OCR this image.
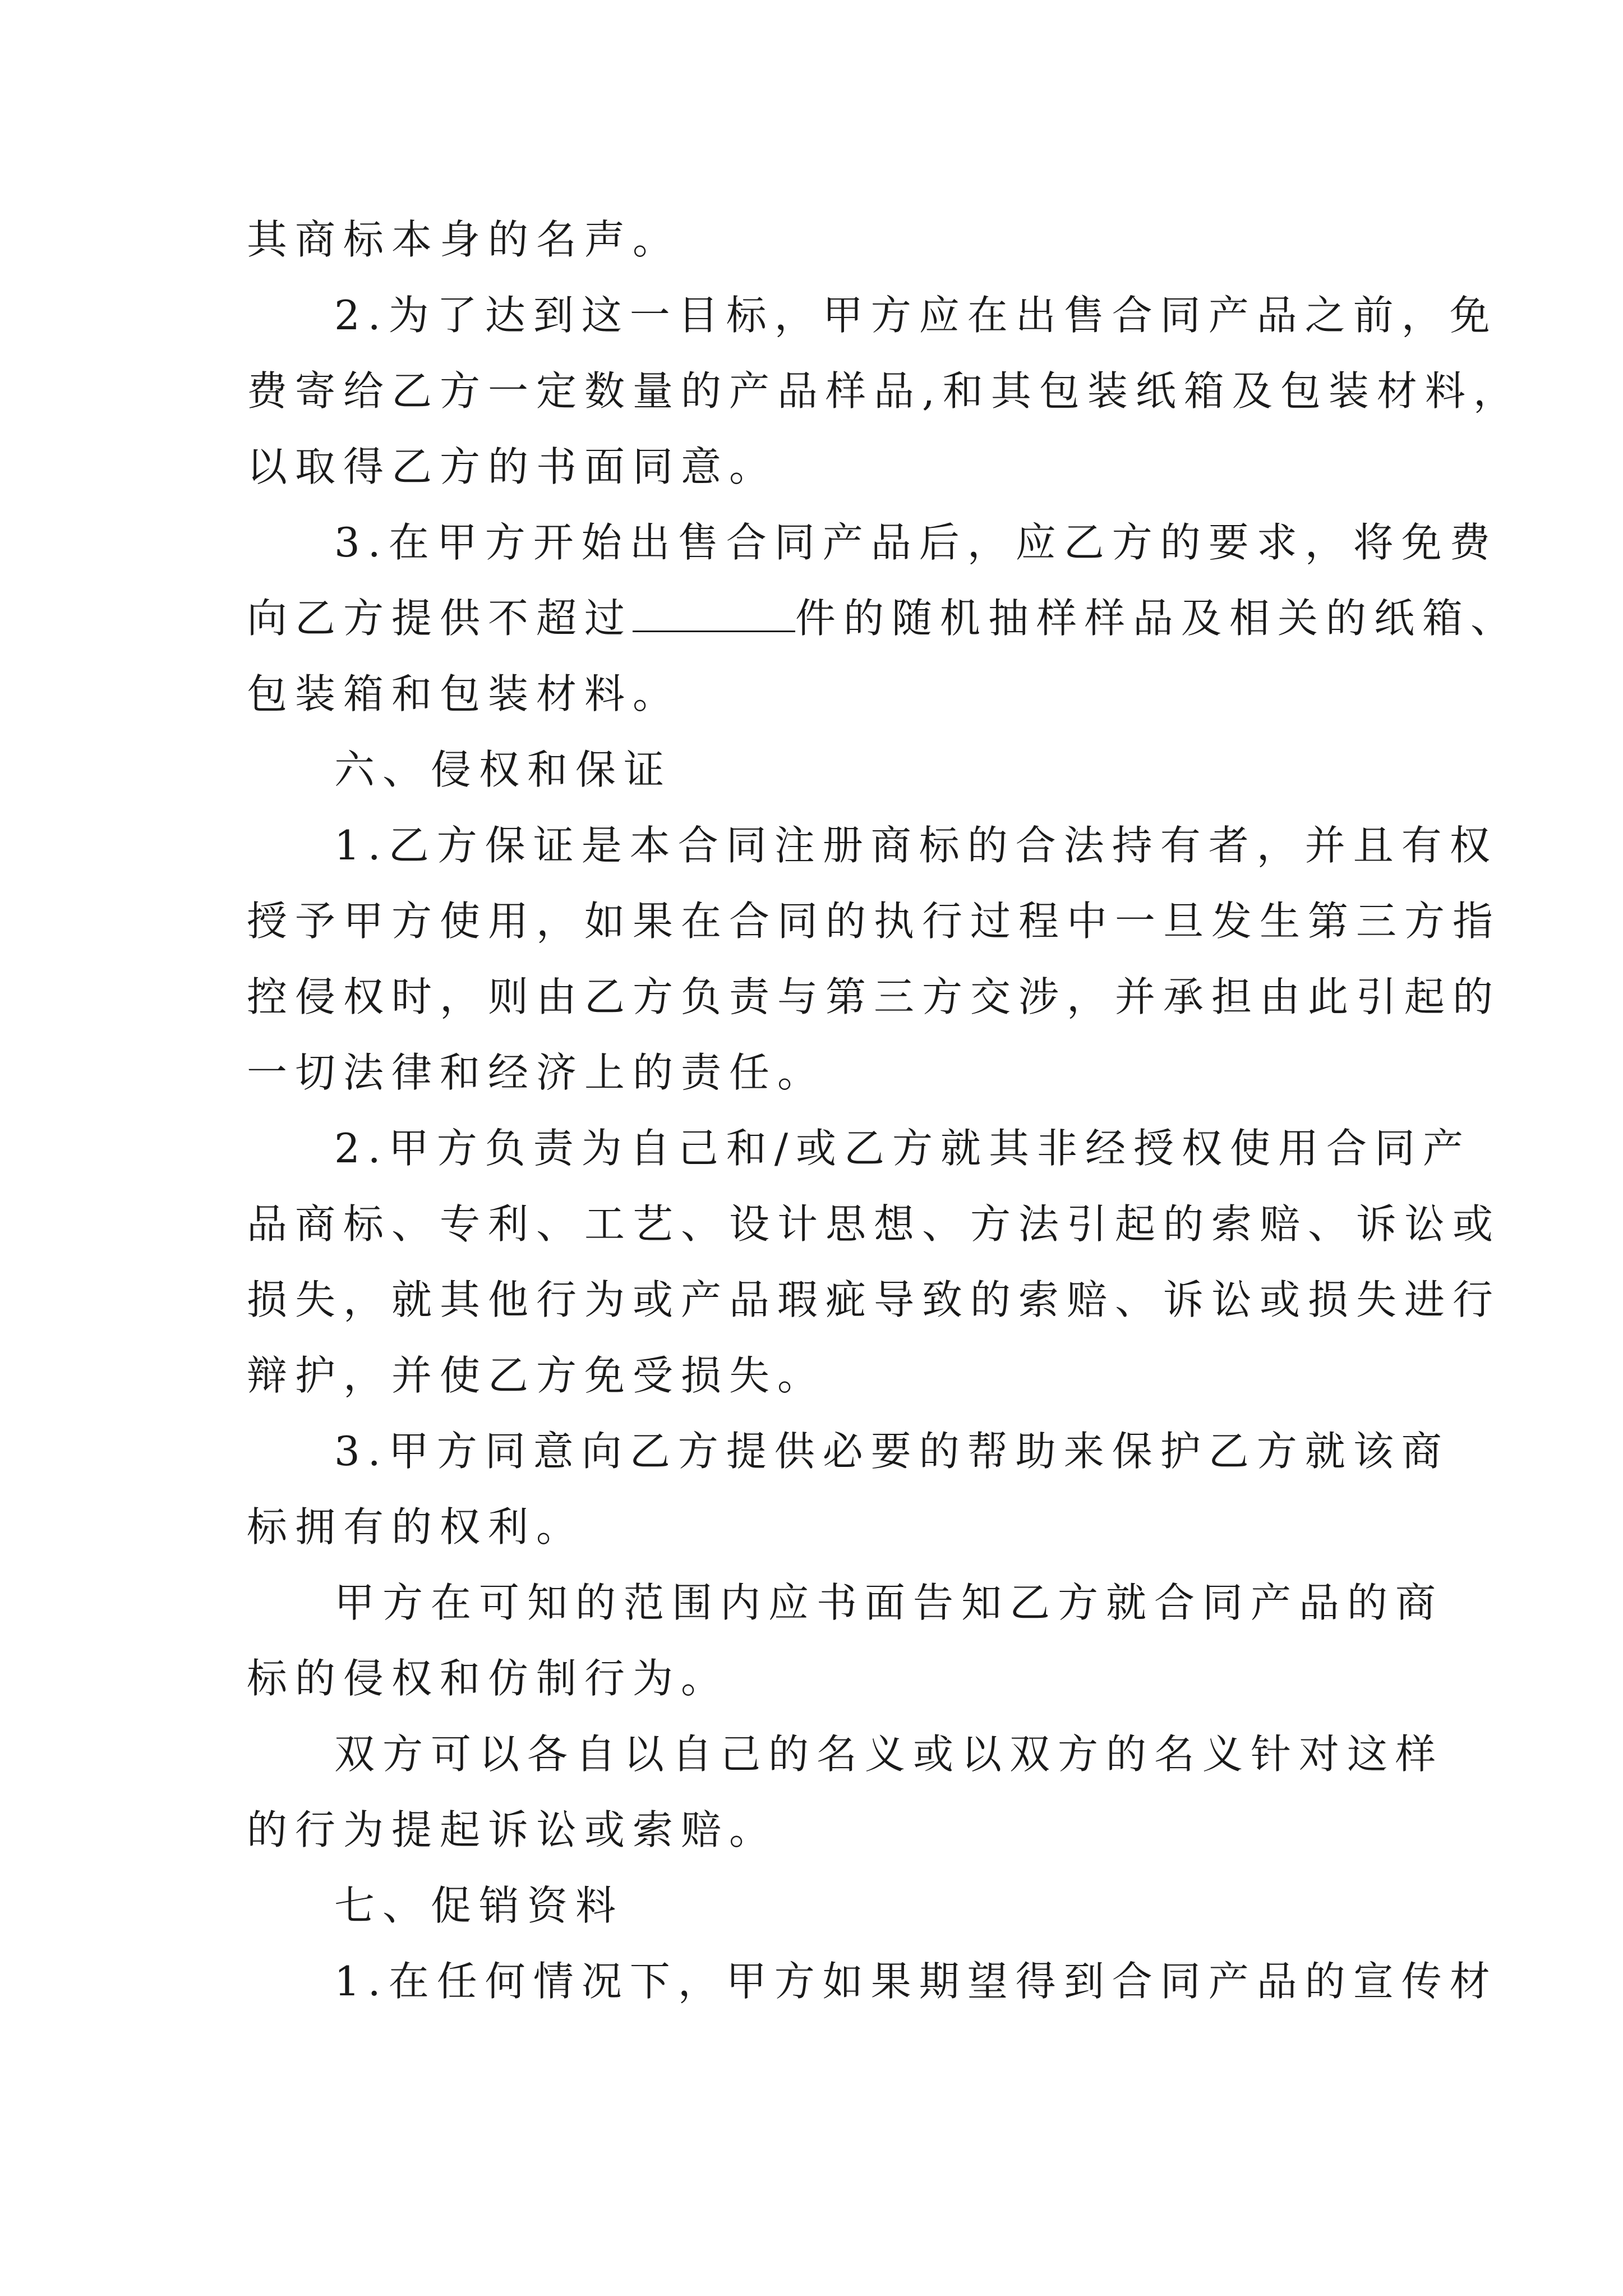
其商标本身的名声。
2.为了达到这一目标，甲方应在出售合同产品之前，免
费寄给乙方一定数量的产品样品,和其包装纸箱及包装材料，
以取得乙方的书面同意。
3.在甲方开始出售合同产品后，应乙方的要求，将免费
向乙方提供不超过	件的随机抽样样品及相关的纸箱、
包装箱和包装材料。
六、侵权和保证
1.乙方保证是本合同注册商标的合法持有者，并且有权
授予甲方使用，如果在合同的执行过程中一旦发生第三方指
控侵权时，则由乙方负责与第三方交涉，并承担由此引起的
一切法律和经济上的责任。
2.甲方负责为自己和/或乙方就其非经授权使用合同产
品商标、专利、工艺、设计思想、方法引起的索赔、诉讼或
损失，就其他行为或产品瑕疵导致的索赔、诉讼或损失进行
辩护，并使乙方免受损失。
3.甲方同意向乙方提供必要的帮助来保护乙方就该商
标拥有的权利。
甲方在可知的范围内应书面告知乙方就合同产品的商
标的侵权和仿制行为。
双方可以各自以自己的名义或以双方的名义针对这样
的行为提起诉讼或索赔。
七、促销资料
1.在任何情况下，甲方如果期望得到合同产品的宣传材
